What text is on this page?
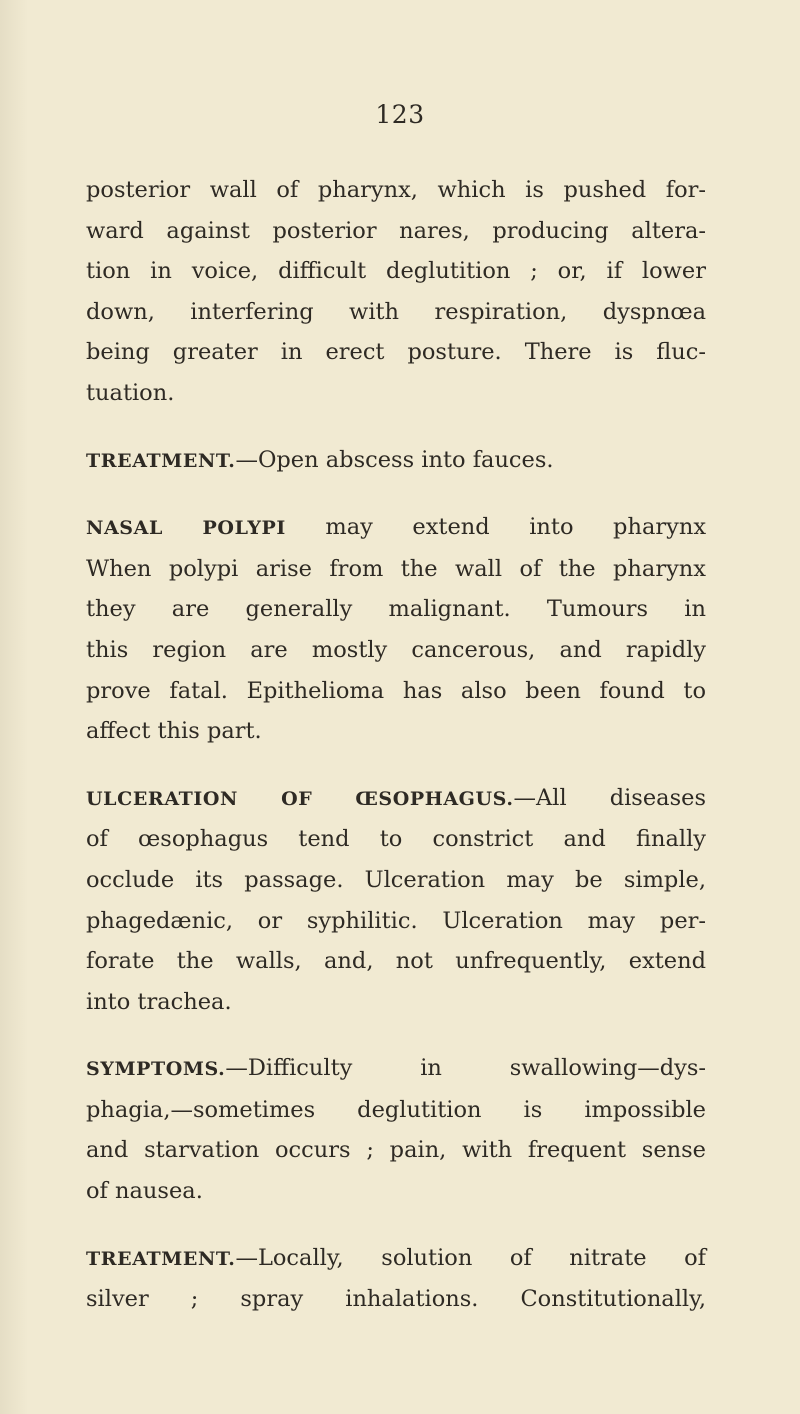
123

posterior wall of pharynx, which is pushed for-
ward against posterior nares, producing altera-
tion in voice, difficult deglutition ; or, if lower
down, interfering with respiration, dyspnœa
being greater in erect posture. There is fluc-
tuation.

TREATMENT.—Open abscess into fauces.

NASAL POLYPI may extend into pharynx
When polypi arise from the wall of the pharynx
they are generally malignant. Tumours in
this region are mostly cancerous, and rapidly
prove fatal. Epithelioma has also been found to
affect this part.

ULCERATION OF ŒSOPHAGUS.—All diseases
of œsophagus tend to constrict and finally
occlude its passage. Ulceration may be simple,
phagedænic, or syphilitic. Ulceration may per-
forate the walls, and, not unfrequently, extend
into trachea.

SYMPTOMS.—Difficulty in swallowing—dys-
phagia,—sometimes deglutition is impossible
and starvation occurs ; pain, with frequent sense
of nausea.

TREATMENT.—Locally, solution of nitrate of
silver ; spray inhalations. Constitutionally,
